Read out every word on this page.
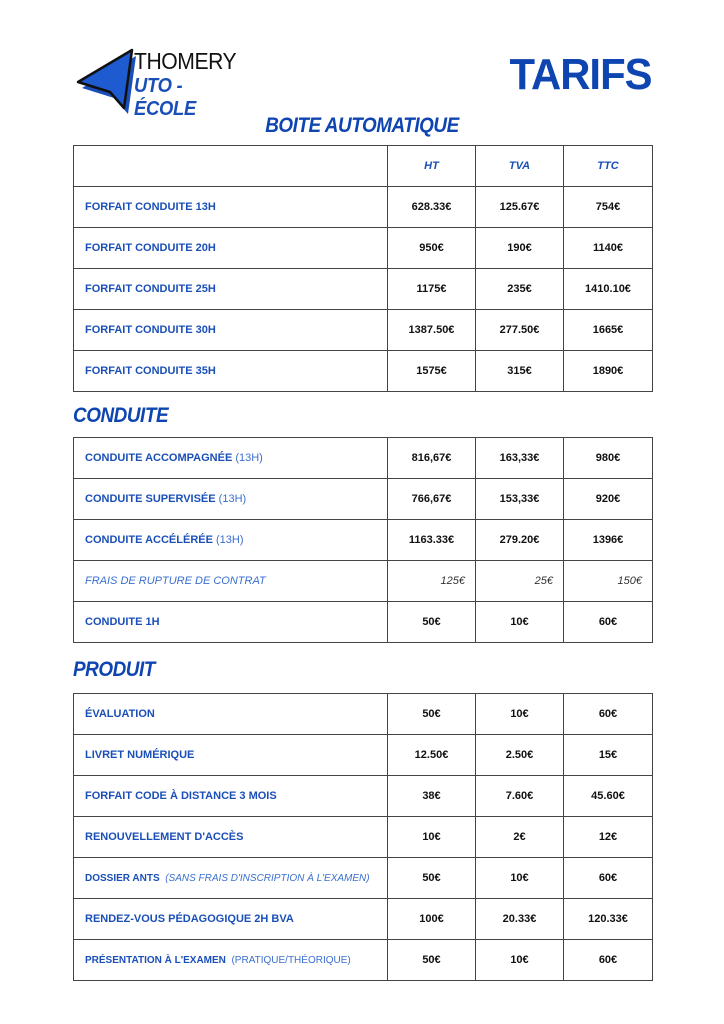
THOMERY
UTO - ÉCOLE
TARIFS
BOITE AUTOMATIQUE
	HT	TVA	TTC
FORFAIT CONDUITE 13H	628.33€	125.67€	754€
FORFAIT CONDUITE 20H	950€	190€	1140€
FORFAIT CONDUITE 25H	1175€	235€	1410.10€
FORFAIT CONDUITE 30H	1387.50€	277.50€	1665€
FORFAIT CONDUITE 35H	1575€	315€	1890€
CONDUITE
CONDUITE ACCOMPAGNÉE (13H)	816,67€	163,33€	980€
CONDUITE SUPERVISÉE (13H)	766,67€	153,33€	920€
CONDUITE ACCÉLÉRÉE (13H)	1163.33€	279.20€	1396€
FRAIS DE RUPTURE DE CONTRAT	125€	25€	150€
CONDUITE 1H	50€	10€	60€
PRODUIT
ÉVALUATION	50€	10€	60€
LIVRET NUMÉRIQUE	12.50€	2.50€	15€
FORFAIT CODE À DISTANCE 3 MOIS	38€	7.60€	45.60€
RENOUVELLEMENT D'ACCÈS	10€	2€	12€
DOSSIER ANTS (SANS FRAIS D'INSCRIPTION À L'EXAMEN)	50€	10€	60€
RENDEZ-VOUS PÉDAGOGIQUE 2H BVA	100€	20.33€	120.33€
PRÉSENTATION À L'EXAMEN (PRATIQUE/THÉORIQUE)	50€	10€	60€
